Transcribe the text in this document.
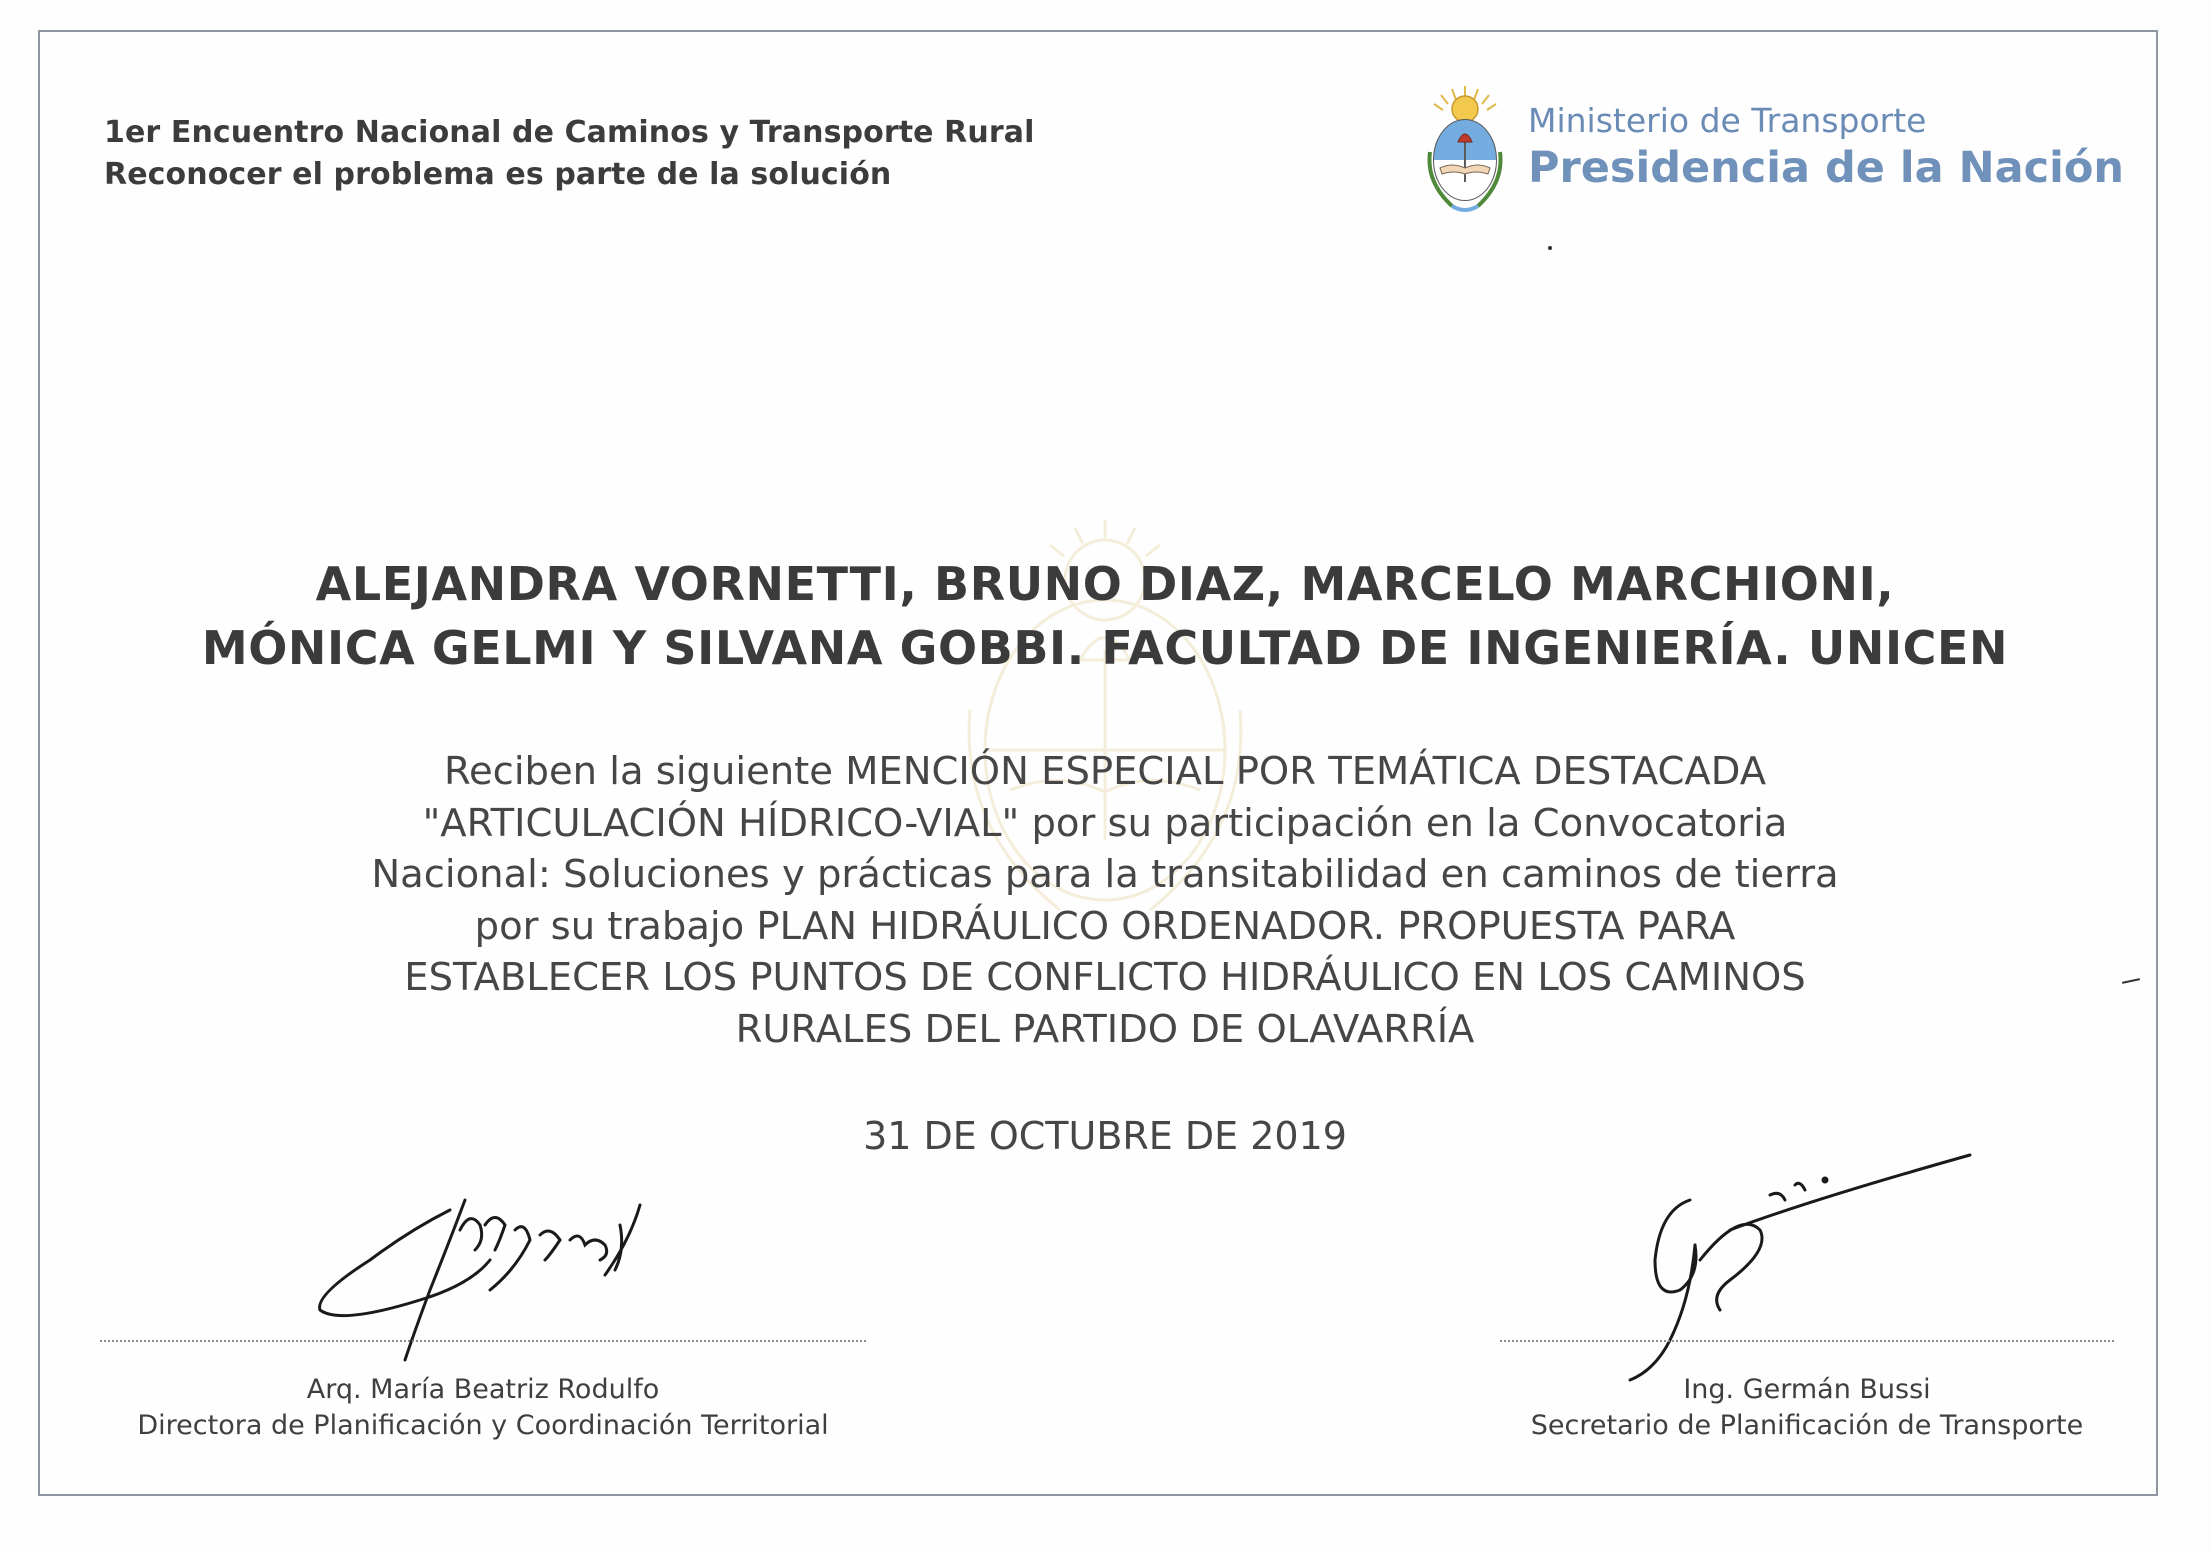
1er Encuentro Nacional de Caminos y Transporte Rural
Reconocer el problema es parte de la solución
Ministerio de Transporte
Presidencia de la Nación
ALEJANDRA VORNETTI, BRUNO DIAZ, MARCELO MARCHIONI,
MÓNICA GELMI Y SILVANA GOBBI. FACULTAD DE INGENIERÍA. UNICEN
Reciben la siguiente MENCIÓN ESPECIAL POR TEMÁTICA DESTACADA
"ARTICULACIÓN HÍDRICO-VIAL" por su participación en la Convocatoria
Nacional: Soluciones y prácticas para la transitabilidad en caminos de tierra
por su trabajo PLAN HIDRÁULICO ORDENADOR. PROPUESTA PARA
ESTABLECER LOS PUNTOS DE CONFLICTO HIDRÁULICO EN LOS CAMINOS
RURALES DEL PARTIDO DE OLAVARRÍA
31 DE OCTUBRE DE 2019
Arq. María Beatriz Rodulfo
Directora de Planificación y Coordinación Territorial
Ing. Germán Bussi
Secretario de Planificación de Transporte
